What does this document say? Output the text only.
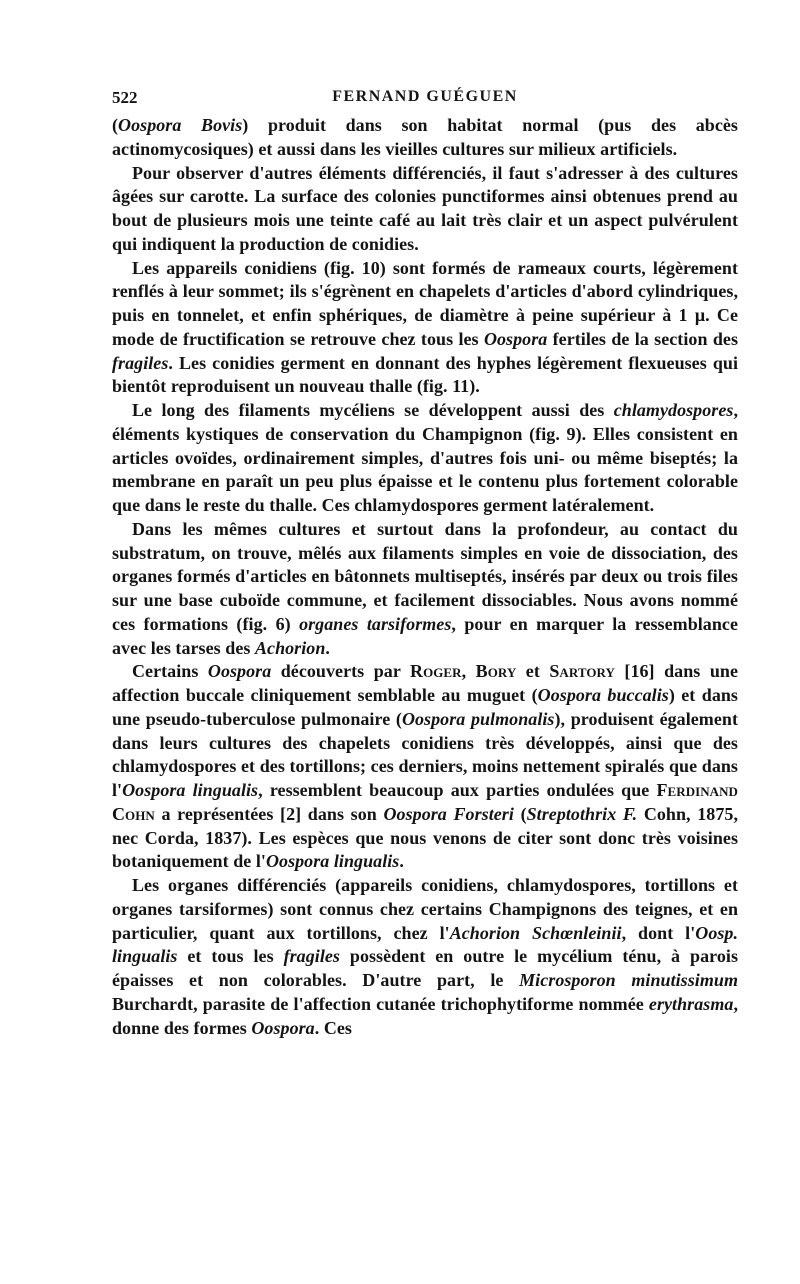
522	FERNAND GUÉGUEN

(Oospora Bovis) produit dans son habitat normal (pus des abcès actinomycosiques) et aussi dans les vieilles cultures sur milieux artificiels.

Pour observer d'autres éléments différenciés, il faut s'adresser à des cultures âgées sur carotte. La surface des colonies punctiformes ainsi obtenues prend au bout de plusieurs mois une teinte café au lait très clair et un aspect pulvérulent qui indiquent la production de conidies.

Les appareils conidiens (fig. 10) sont formés de rameaux courts, légèrement renflés à leur sommet; ils s'égrènent en chapelets d'articles d'abord cylindriques, puis en tonnelet, et enfin sphériques, de diamètre à peine supérieur à 1 μ. Ce mode de fructification se retrouve chez tous les Oospora fertiles de la section des fragiles. Les conidies germent en donnant des hyphes légèrement flexueuses qui bientôt reproduisent un nouveau thalle (fig. 11).

Le long des filaments mycéliens se développent aussi des chlamydospores, éléments kystiques de conservation du Champignon (fig. 9). Elles consistent en articles ovoïdes, ordinairement simples, d'autres fois uni- ou même biseptés; la membrane en paraît un peu plus épaisse et le contenu plus fortement colorable que dans le reste du thalle. Ces chlamydospores germent latéralement.

Dans les mêmes cultures et surtout dans la profondeur, au contact du substratum, on trouve, mêlés aux filaments simples en voie de dissociation, des organes formés d'articles en bâtonnets multiseptés, insérés par deux ou trois files sur une base cuboïde commune, et facilement dissociables. Nous avons nommé ces formations (fig. 6) organes tarsiformes, pour en marquer la ressemblance avec les tarses des Achorion.

Certains Oospora découverts par Roger, Bory et Sartory [16] dans une affection buccale cliniquement semblable au muguet (Oospora buccalis) et dans une pseudo-tuberculose pulmonaire (Oospora pulmonalis), produisent également dans leurs cultures des chapelets conidiens très développés, ainsi que des chlamydospores et des tortillons; ces derniers, moins nettement spiralés que dans l'Oospora lingualis, ressemblent beaucoup aux parties ondulées que Ferdinand Cohn a représentées [2] dans son Oospora Forsteri (Streptothrix F. Cohn, 1875, nec Corda, 1837). Les espèces que nous venons de citer sont donc très voisines botaniquement de l'Oospora lingualis.

Les organes différenciés (appareils conidiens, chlamydospores, tortillons et organes tarsiformes) sont connus chez certains Champignons des teignes, et en particulier, quant aux tortillons, chez l'Achorion Schœnleinii, dont l'Oosp. lingualis et tous les fragiles possèdent en outre le mycélium ténu, à parois épaisses et non colorables. D'autre part, le Microsporon minutissimum Burchardt, parasite de l'affection cutanée trichophytiforme nommée erythrasma, donne des formes Oospora. Ces
